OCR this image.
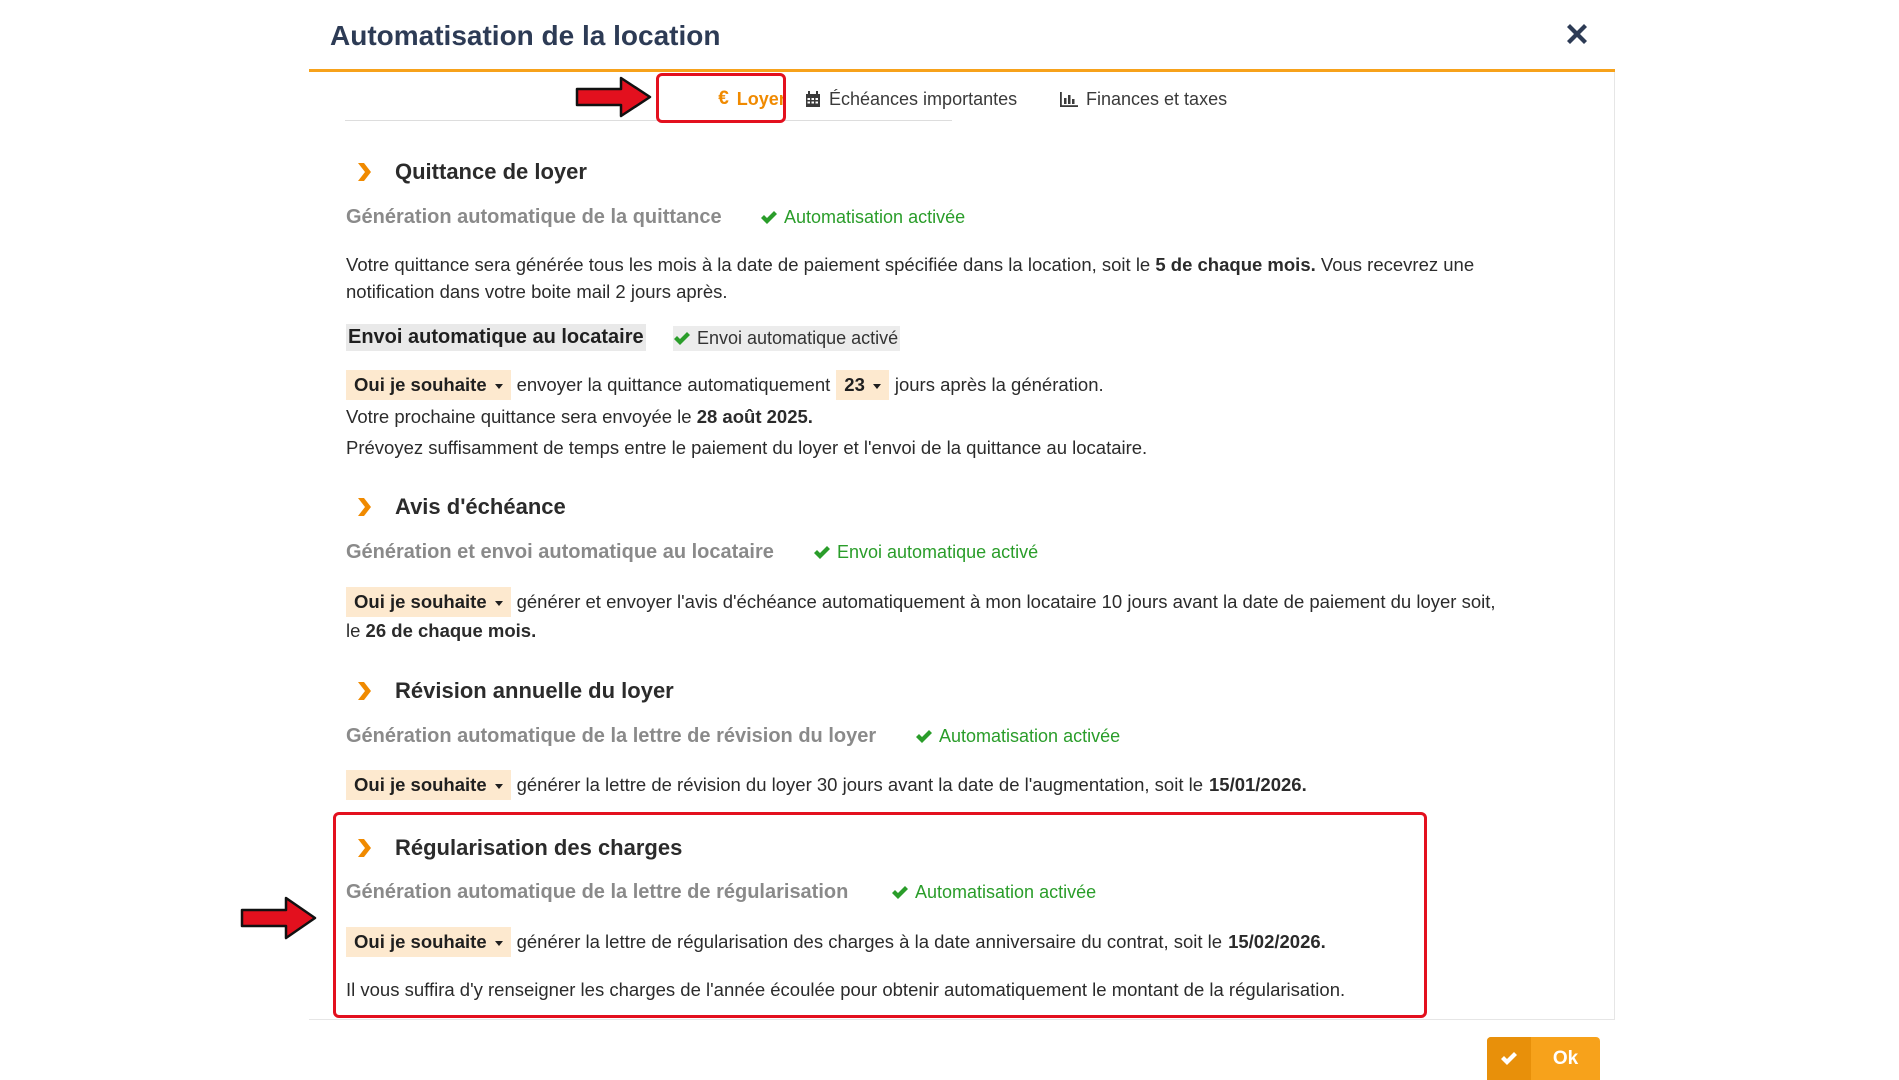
Automatisation de la location
€ Loyer Échéances importantes	Finances et taxes
Quittance de loyer
Génération automatique de la quittance	Automatisation activée
Votre quittance sera générée tous les mois à la date de paiement spécifiée dans la location, soit le 5 de chaque mois. Vous recevrez une
notification dans votre boite mail 2 jours après.
Envoi automatique au locataire	Envoi automatique activé
Oui je souhaite envoyer la quittance automatiquement 23 jours après la génération.
Votre prochaine quittance sera envoyée le 28 août 2025.
Prévoyez suffisamment de temps entre le paiement du loyer et l'envoi de la quittance au locataire.
Avis d'échéance
Génération et envoi automatique au locataire	Envoi automatique activé
Oui je souhaite générer et envoyer l'avis d'échéance automatiquement à mon locataire 10 jours avant la date de paiement du loyer soit,
le 26 de chaque mois.
Révision annuelle du loyer
Génération automatique de la lettre de révision du loyer	Automatisation activée
Oui je souhaite générer la lettre de révision du loyer 30 jours avant la date de l'augmentation, soit le 15/01/2026.
Régularisation des charges
Génération automatique de la lettre de régularisation	Automatisation activée
Oui je souhaite générer la lettre de régularisation des charges à la date anniversaire du contrat, soit le 15/02/2026.
Il vous suffira d'y renseigner les charges de l'année écoulée pour obtenir automatiquement le montant de la régularisation.
Ok
